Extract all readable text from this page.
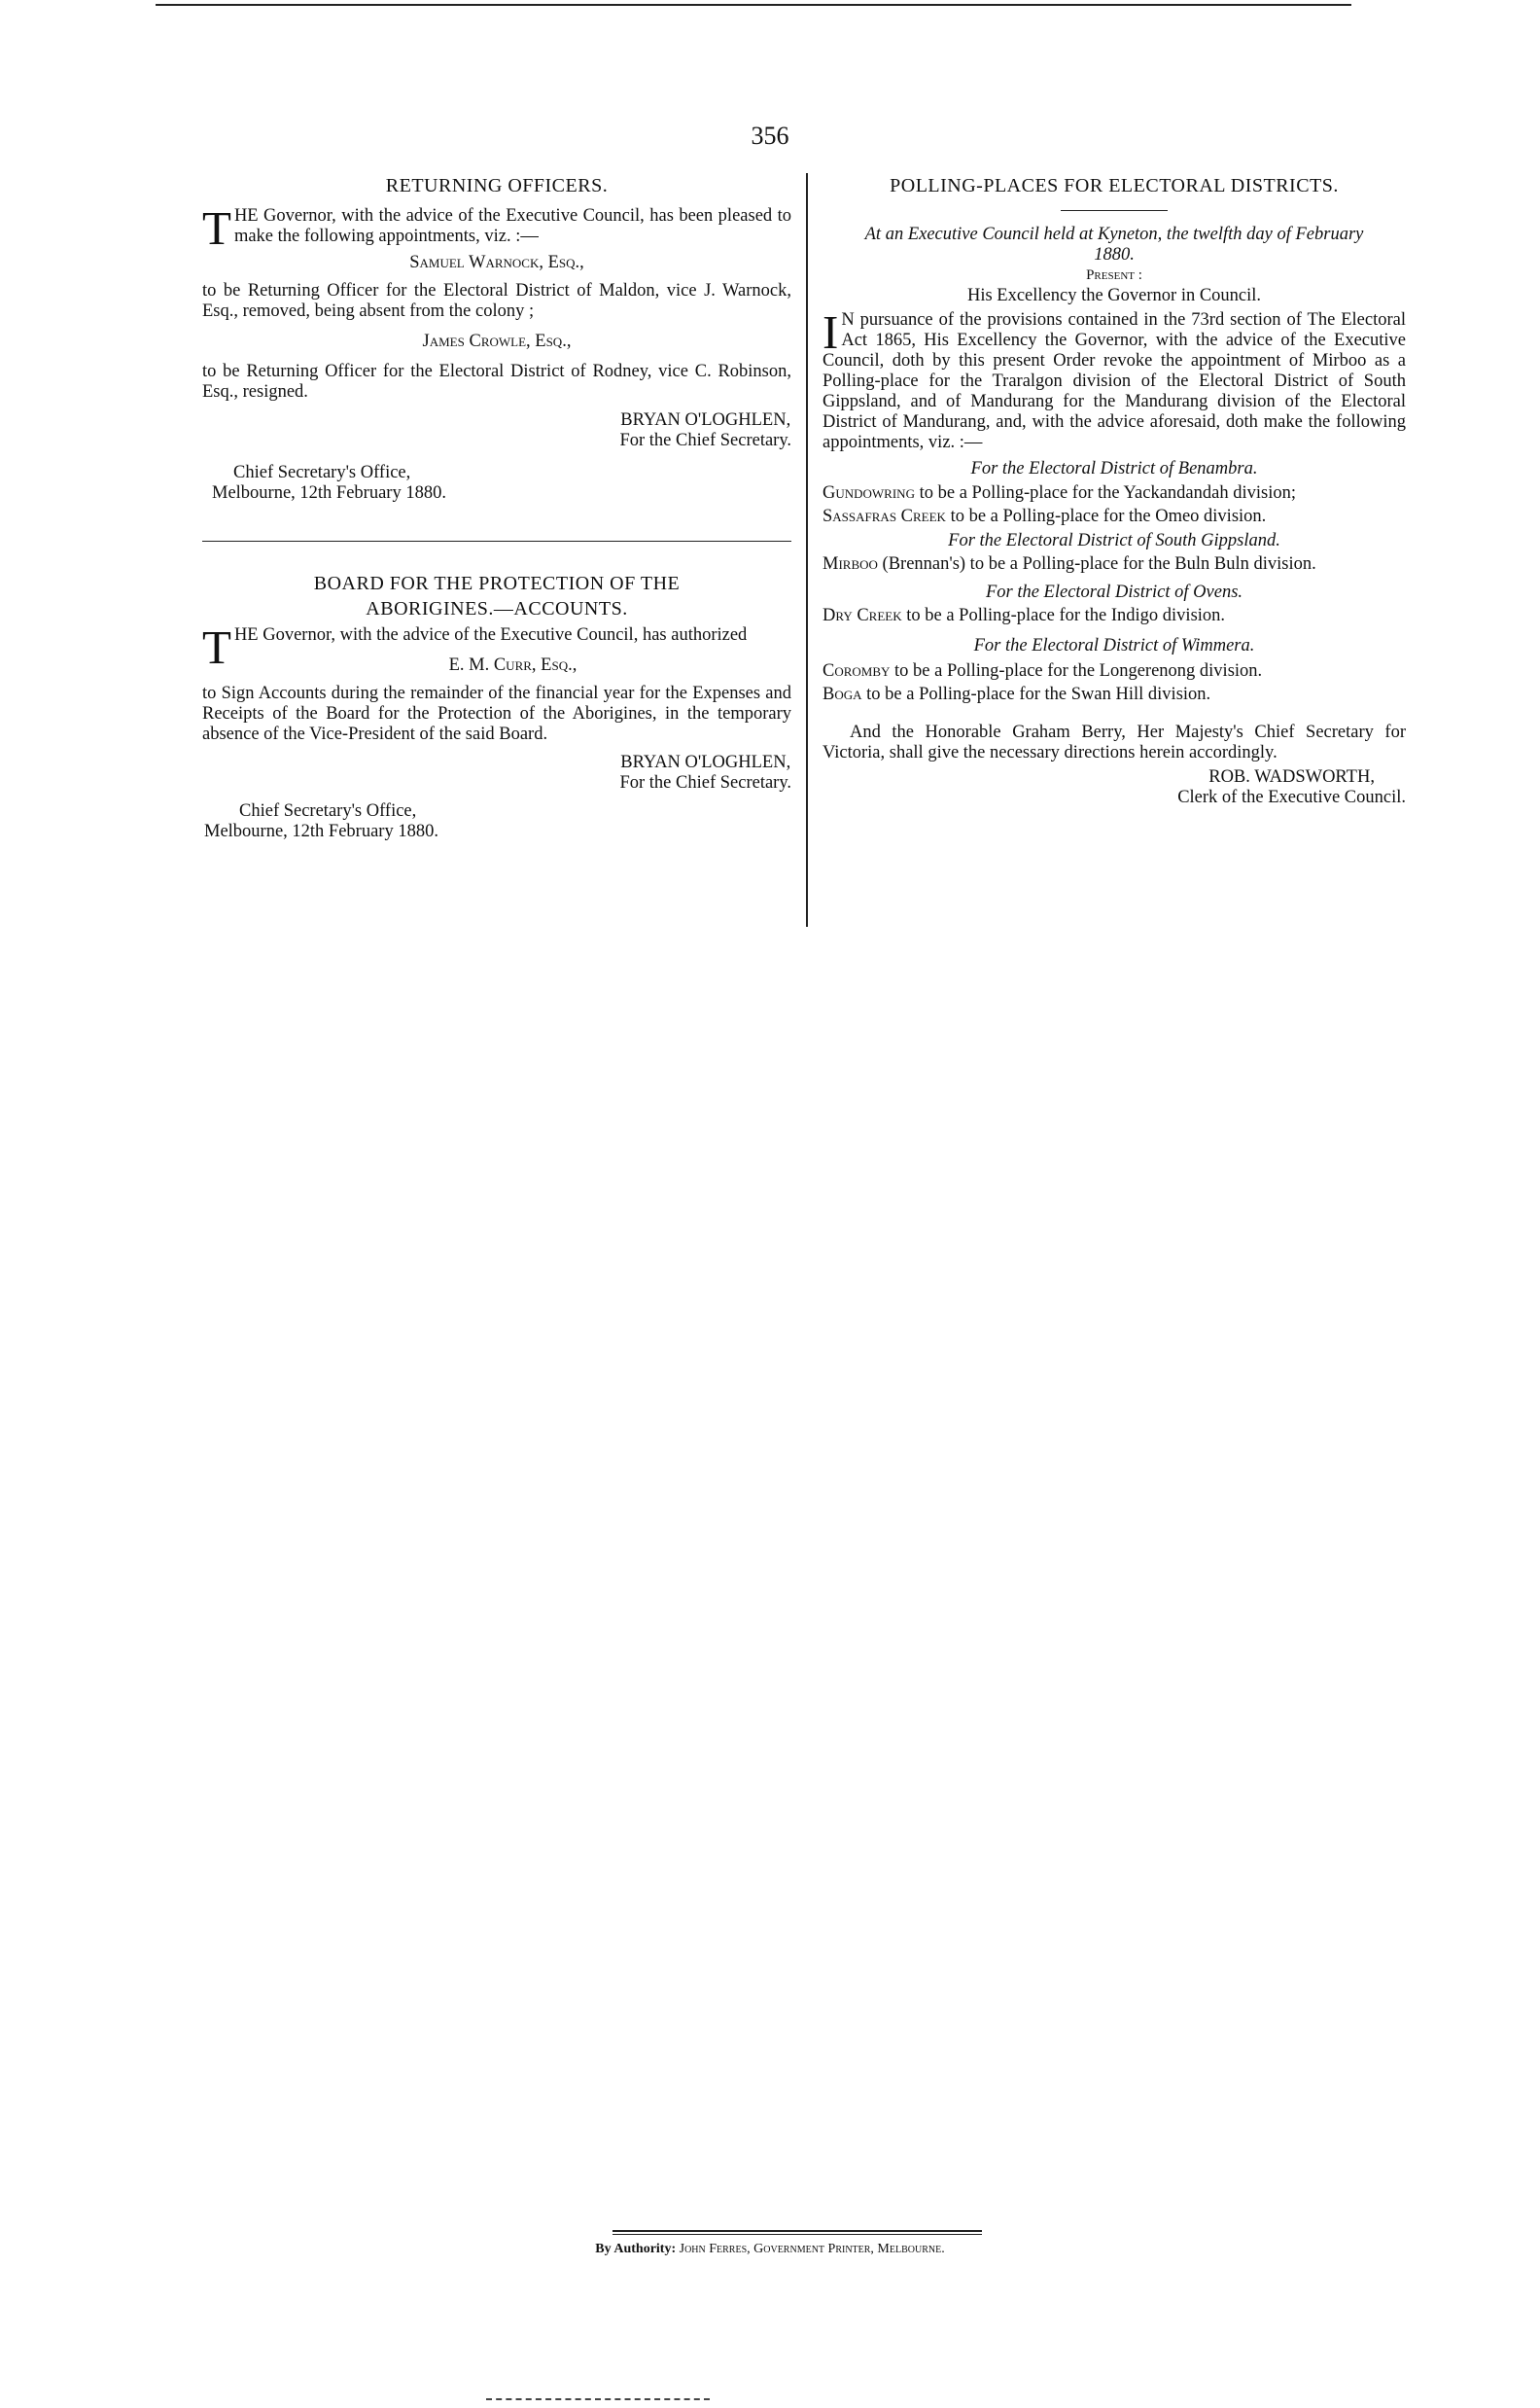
356
RETURNING OFFICERS.

THE Governor, with the advice of the Executive Council, has been pleased to make the following appointments, viz. :—

Samuel Warnock, Esq.,

to be Returning Officer for the Electoral District of Maldon, vice J. Warnock, Esq., removed, being absent from the colony ;

James Crowle, Esq.,

to be Returning Officer for the Electoral District of Rodney, vice C. Robinson, Esq., resigned.

BRYAN O'LOGHLEN,
For the Chief Secretary.
Chief Secretary's Office,
Melbourne, 12th February 1880.
BOARD FOR THE PROTECTION OF THE
ABORIGINES.—ACCOUNTS.

THE Governor, with the advice of the Executive Council, has authorized

E. M. Curr, Esq.,

to Sign Accounts during the remainder of the financial year for the Expenses and Receipts of the Board for the Protection of the Aborigines, in the temporary absence of the Vice-President of the said Board.

BRYAN O'LOGHLEN,
For the Chief Secretary.
Chief Secretary's Office,
Melbourne, 12th February 1880.
POLLING-PLACES FOR ELECTORAL DISTRICTS.

At an Executive Council held at Kyneton, the twelfth day of February 1880.

Present :

His Excellency the Governor in Council.

I N pursuance of the provisions contained in the 73rd section of The Electoral Act 1865, His Excellency the Governor, with the advice of the Executive Council, doth by this present Order revoke the appointment of Mirboo as a Polling-place for the Traralgon division of the Electoral District of South Gippsland, and of Mandurang for the Mandurang division of the Electoral District of Mandurang, and, with the advice aforesaid, doth make the following appointments, viz. :—

For the Electoral District of Benambra.

Gundowring to be a Polling-place for the Yackandandah division;

Sassafras Creek to be a Polling-place for the Omeo division.

For the Electoral District of South Gippsland.

Mirboo (Brennan's) to be a Polling-place for the Buln Buln division.

For the Electoral District of Ovens.

Dry Creek to be a Polling-place for the Indigo division.

For the Electoral District of Wimmera.

Coromby to be a Polling-place for the Longerenong division.

Boga to be a Polling-place for the Swan Hill division.

And the Honorable Graham Berry, Her Majesty's Chief Secretary for Victoria, shall give the necessary directions herein accordingly.

ROB. WADSWORTH,
Clerk of the Executive Council.
By Authority: John Ferres, Government Printer, Melbourne.
